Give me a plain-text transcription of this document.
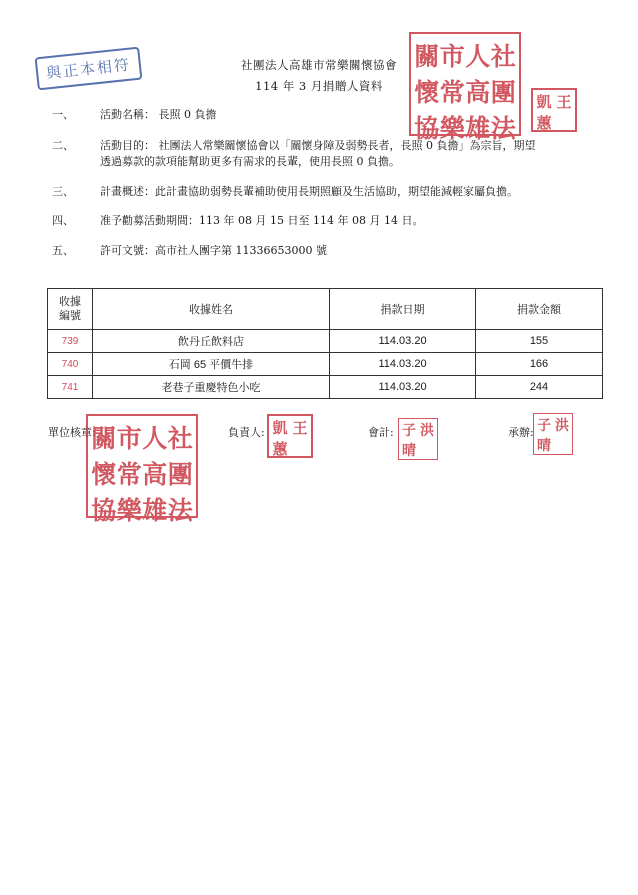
與正本相符	社團法人高雄市常樂關懷協會
114 年 3 月捐贈人資料
社
團
法
人
高
雄
市
常
樂
關
懷
協
王
凱
蕙
一、 活動名稱： 長照 0 負擔
二、 活動目的： 社團法人常樂關懷協會以「關懷身障及弱勢長者，長照 0 負擔」為宗旨，期望
透過募款的款項能幫助更多有需求的長輩，使用長照 0 負擔。
三、 計畫概述：此計畫協助弱勢長輩補助使用長期照顧及生活協助，期望能減輕家屬負擔。
四、 准予勸募活動期間：113 年 08 月 15 日至 114 年 08 月 14 日。
五、 許可文號：高市社人團字第 11336653000 號
收據
編號	收據姓名	捐款日期	捐款金額
739	飲丹丘飲料店	114.03.20	155
740	石岡 65 平價牛排	114.03.20	166
741	老巷子重慶特色小吃	114.03.20	244
單位核章:	負責人:	會計:	承辦:
社
團
法
人
高
雄
市
常
樂
關
懷
協
王
凱
蕙
洪
子
晴
洪
子
晴
